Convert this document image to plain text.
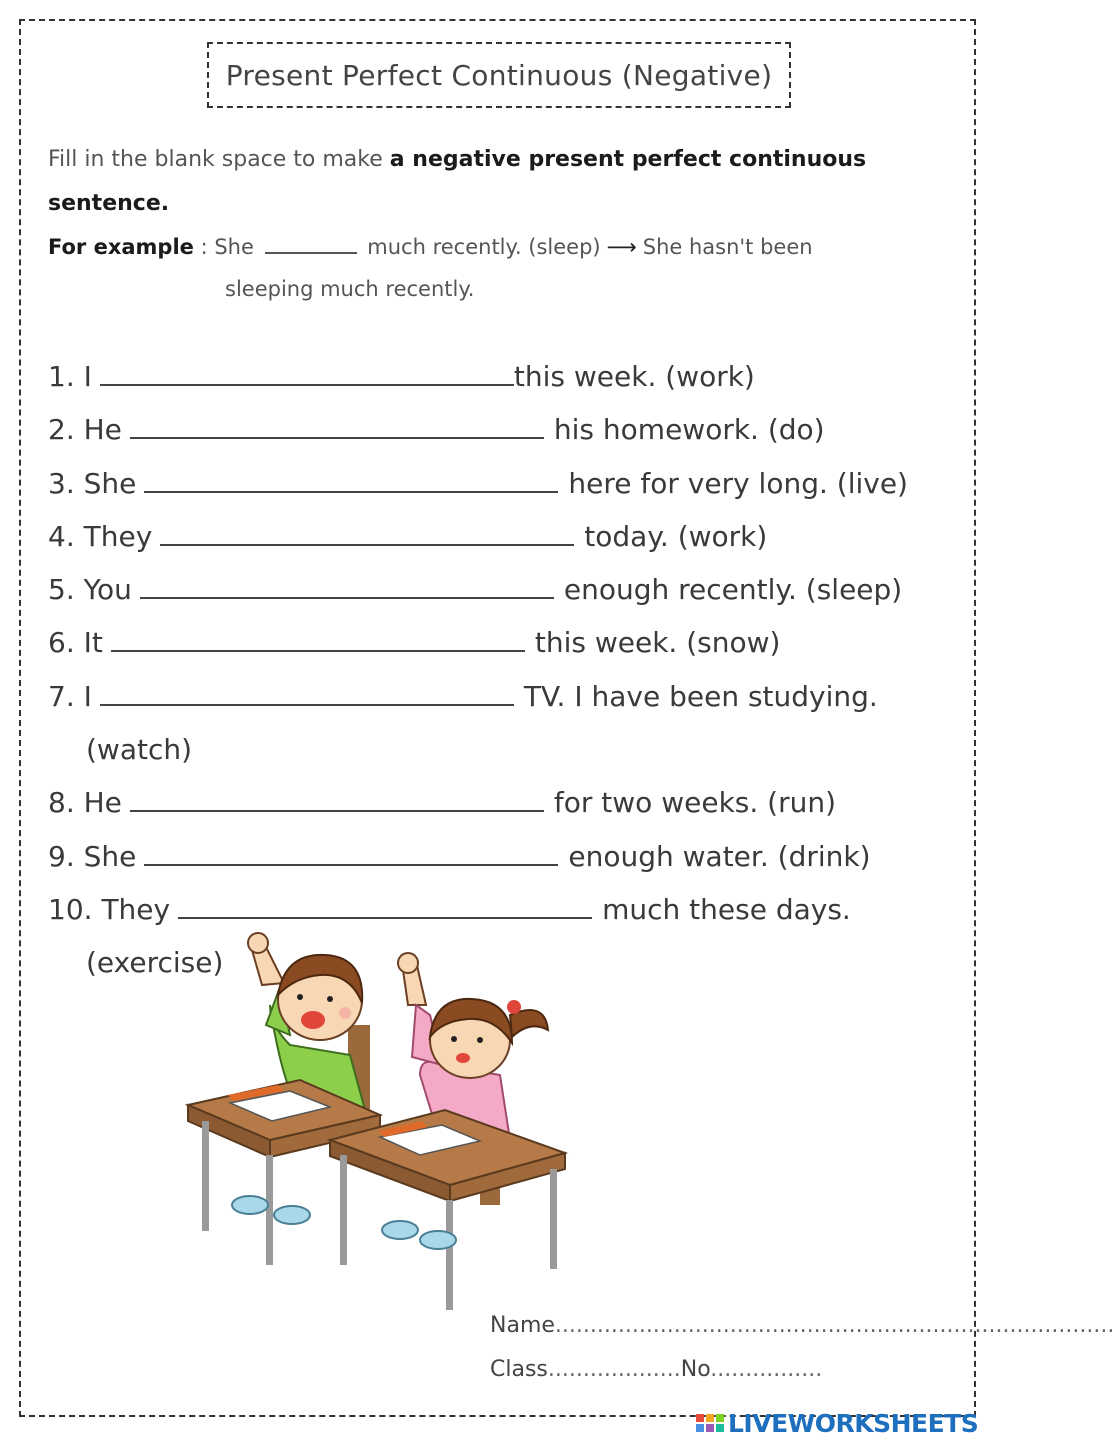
Present Perfect Continuous (Negative)
Fill in the blank space to make a negative present perfect continuous sentence.
For example : She	much recently. (sleep) ⟶ She hasn't been
sleeping much recently.
1. I	this week. (work)
2. He	his homework. (do)
3. She	here for very long. (live)
4. They	today. (work)
5. You	enough recently. (sleep)
6. It	this week. (snow)
7. I	TV. I have been studying.
(watch)
8. He	for two weeks. (run)
9. She	enough water. (drink)
10. They	much these days.
(exercise)
Name................................................................................
Class...................No................
LIVEWORKSHEETS
